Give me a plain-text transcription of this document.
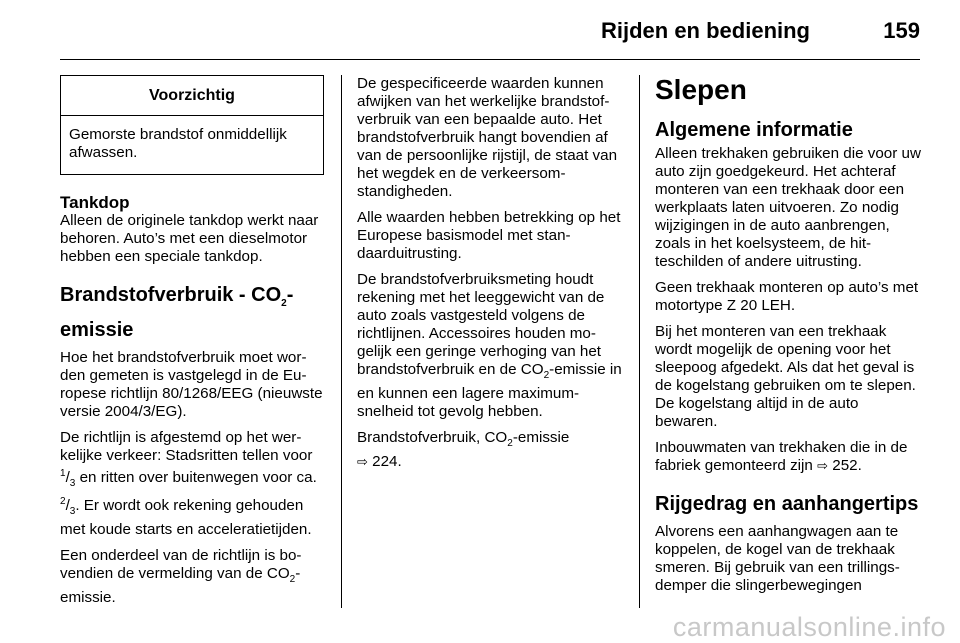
Rijden en bediening	159
Voorzichtig
Gemorste brandstof onmiddellijk afwassen.
Tankdop

Alleen de originele tankdop werkt naar behoren. Auto’s met een dieselmotor hebben een speciale tankdop.

Brandstofverbruik - $CO_2$-emissie

Hoe het brandstofverbruik moet worden gemeten is vastgelegd in de Europese richtlijn 80/1268/EEG (nieuwste versie 2004/3/EG).

De richtlijn is afgestemd op het werkelijke verkeer: Stadsritten tellen voor $^1/_3$ en ritten over buitenwegen voor ca. $^2/_3$. Er wordt ook rekening gehouden met koude starts en acceleratietijden.

Een onderdeel van de richtlijn is bovendien de vermelding van de $CO_2$-emissie.

De gespecificeerde waarden kunnen afwijken van het werkelijke brandstofverbruik van een bepaalde auto. Het brandstofverbruik hangt bovendien af van de persoonlijke rijstijl, de staat van het wegdek en de verkeersomstandigheden.

Alle waarden hebben betrekking op het Europese basismodel met standaarduitrusting.

De brandstofverbruiksmeting houdt rekening met het leeggewicht van de auto zoals vastgesteld volgens de richtlijnen. Accessoires houden mogelijk een geringe verhoging van het brandstofverbruik en de $CO_2$-emissie in en kunnen een lagere maximumsnelheid tot gevolg hebben.

Brandstofverbruik, $CO_2$-emissie
⇨ 224.

Slepen
Algemene informatie

Alleen trekhaken gebruiken die voor uw auto zijn goedgekeurd. Het achteraf monteren van een trekhaak door een werkplaats laten uitvoeren. Zo nodig wijzigingen in de auto aanbrengen, zoals in het koelsysteem, de hitteschilden of andere uitrusting.

Geen trekhaak monteren op auto’s met motortype Z 20 LEH.

Bij het monteren van een trekhaak wordt mogelijk de opening voor het sleepoog afgedekt. Als dat het geval is de kogelstang gebruiken om te slepen. De kogelstang altijd in de auto bewaren.

Inbouwmaten van trekhaken die in de fabriek gemonteerd zijn ⇨ 252.

Rijgedrag en aanhangertips

Alvorens een aanhangwagen aan te koppelen, de kogel van de trekhaak smeren. Bij gebruik van een trillingsdemper die slingerbewegingen

carmanualsonline.info
